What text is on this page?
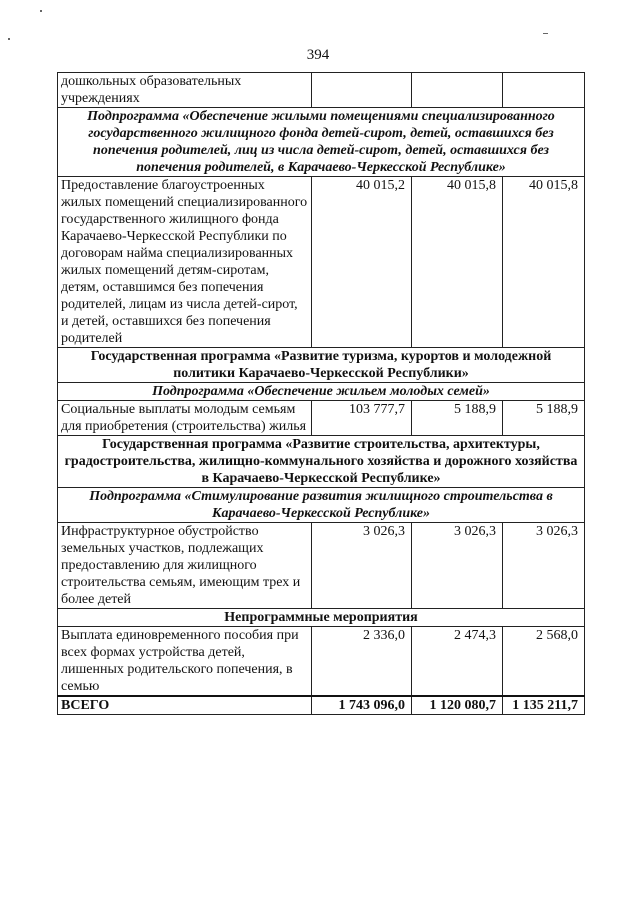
394
дошкольных образовательных учреждениях			
Подпрограмма «Обеспечение жилыми помещениями специализированного государственного жилищного фонда детей-сирот, детей, оставшихся без попечения родителей, лиц из числа детей-сирот, детей, оставшихся без попечения родителей, в Карачаево-Черкесской Республике»			
Предоставление благоустроенных жилых помещений специализированного государственного жилищного фонда Карачаево-Черкесской Республики по договорам найма специализированных жилых помещений детям-сиротам, детям, оставшимся без попечения родителей, лицам из числа детей-сирот, и детей, оставшихся без попечения родителей	40 015,2	40 015,8	40 015,8
Государственная программа «Развитие туризма, курортов и молодежной политики Карачаево-Черкесской Республики»			
Подпрограмма «Обеспечение жильем молодых семей»			
Социальные выплаты молодым семьям для приобретения (строительства) жилья	103 777,7	5 188,9	5 188,9
Государственная программа «Развитие строительства, архитектуры, градостроительства, жилищно-коммунального хозяйства и дорожного хозяйства в Карачаево-Черкесской Республике»			
Подпрограмма «Стимулирование развития жилищного строительства в Карачаево-Черкесской Республике»			
Инфраструктурное обустройство земельных участков, подлежащих предоставлению для жилищного строительства семьям, имеющим трех и более детей	3 026,3	3 026,3	3 026,3
Непрограммные мероприятия			
Выплата единовременного пособия при всех формах устройства детей, лишенных родительского попечения, в семью	2 336,0	2 474,3	2 568,0
ВСЕГО	1 743 096,0	1 120 080,7	1 135 211,7
